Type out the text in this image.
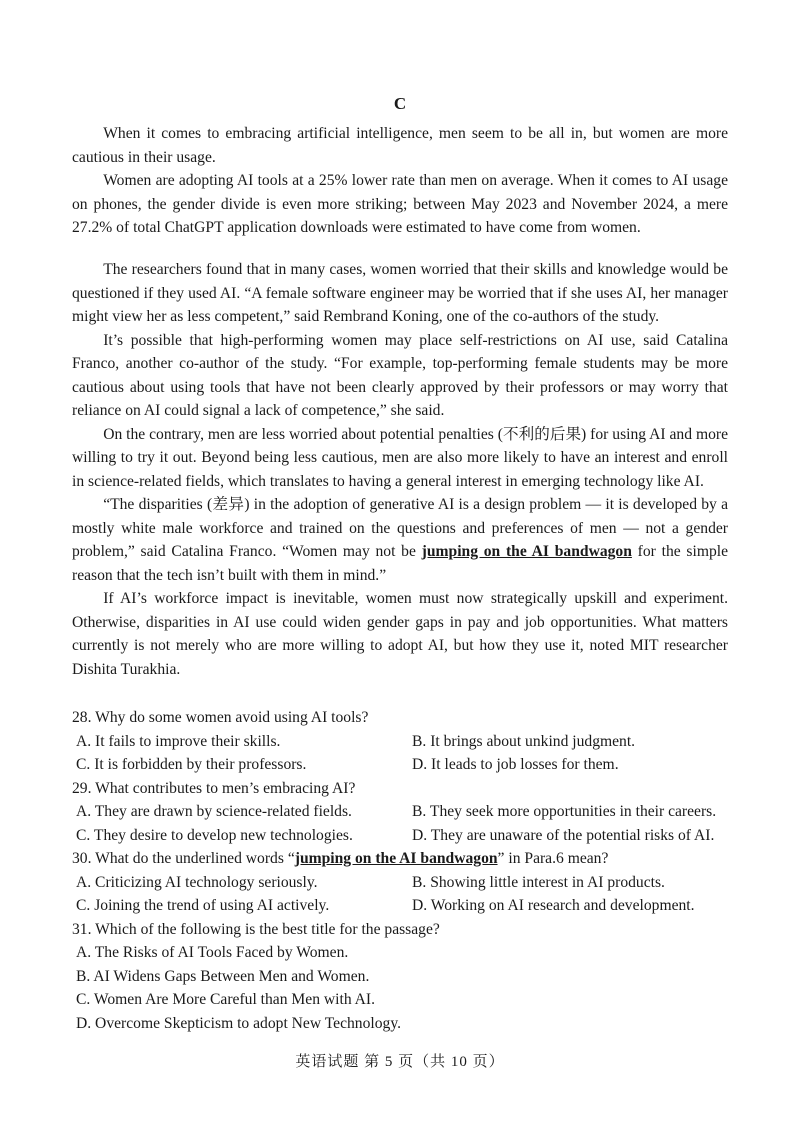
C

When it comes to embracing artificial intelligence, men seem to be all in, but women are more cautious in their usage.

Women are adopting AI tools at a 25% lower rate than men on average. When it comes to AI usage on phones, the gender divide is even more striking; between May 2023 and November 2024, a mere 27.2% of total ChatGPT application downloads were estimated to have come from women.

The researchers found that in many cases, women worried that their skills and knowledge would be questioned if they used AI. “A female software engineer may be worried that if she uses AI, her manager might view her as less competent,” said Rembrand Koning, one of the co-authors of the study.

It’s possible that high-performing women may place self-restrictions on AI use, said Catalina Franco, another co-author of the study. “For example, top-performing female students may be more cautious about using tools that have not been clearly approved by their professors or may worry that reliance on AI could signal a lack of competence,” she said.

On the contrary, men are less worried about potential penalties (不利的后果) for using AI and more willing to try it out. Beyond being less cautious, men are also more likely to have an interest and enroll in science-related fields, which translates to having a general interest in emerging technology like AI.

“The disparities (差异) in the adoption of generative AI is a design problem — it is developed by a mostly white male workforce and trained on the questions and preferences of men — not a gender problem,” said Catalina Franco. “Women may not be jumping on the AI bandwagon for the simple reason that the tech isn’t built with them in mind.”

If AI’s workforce impact is inevitable, women must now strategically upskill and experiment. Otherwise, disparities in AI use could widen gender gaps in pay and job opportunities. What matters currently is not merely who are more willing to adopt AI, but how they use it, noted MIT researcher Dishita Turakhia.

28. Why do some women avoid using AI tools?
A. It fails to improve their skills.	B. It brings about unkind judgment.
C. It is forbidden by their professors.	D. It leads to job losses for them.
29. What contributes to men’s embracing AI?
A. They are drawn by science-related fields.	B. They seek more opportunities in their careers.
C. They desire to develop new technologies.	D. They are unaware of the potential risks of AI.
30. What do the underlined words “jumping on the AI bandwagon” in Para.6 mean?
A. Criticizing AI technology seriously.	B. Showing little interest in AI products.
C. Joining the trend of using AI actively.	D. Working on AI research and development.
31. Which of the following is the best title for the passage?
A. The Risks of AI Tools Faced by Women.
B. AI Widens Gaps Between Men and Women.
C. Women Are More Careful than Men with AI.
D. Overcome Skepticism to adopt New Technology.
英语试题 第 5 页（共 10 页）
